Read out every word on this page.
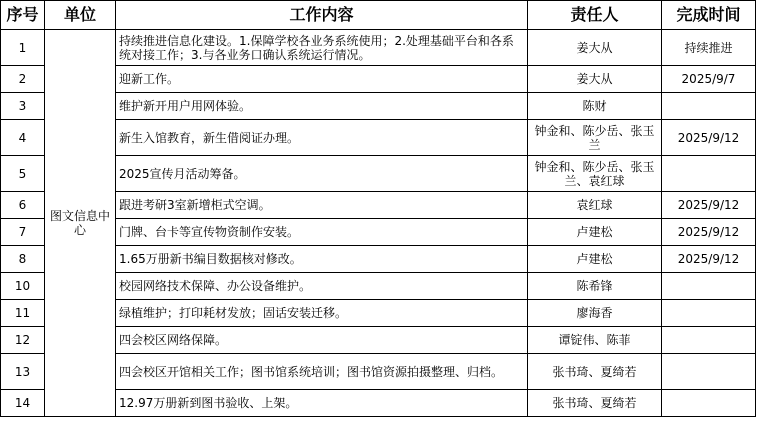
序号	单位	工作内容	责任人	完成时间
1	图文信息中心	持续推进信息化建设。1.保障学校各业务系统使用；2.处理基础平台和各系统对接工作；3.与各业务口确认系统运行情况。	姜大从	持续推进
2		迎新工作。	姜大从	2025/9/7
3		维护新开用户用网体验。	陈财	
4		新生入馆教育，新生借阅证办理。	钟金和、陈少岳、张玉兰	2025/9/12
5		2025宣传月活动筹备。	钟金和、陈少岳、张玉兰、袁红球	
6		跟进考研3室新增柜式空调。	袁红球	2025/9/12
7		门牌、台卡等宣传物资制作安装。	卢建松	2025/9/12
8		1.65万册新书编目数据核对修改。	卢建松	2025/9/12
10		校园网络技术保障、办公设备维护。	陈希锋	
11		绿植维护；打印耗材发放；固话安装迁移。	廖海香	
12		四会校区网络保障。	谭锭伟、陈菲	
13		四会校区开馆相关工作；图书馆系统培训；图书馆资源拍摄整理、归档。	张书琦、夏绮若	
14		12.97万册新到图书验收、上架。	张书琦、夏绮若	
